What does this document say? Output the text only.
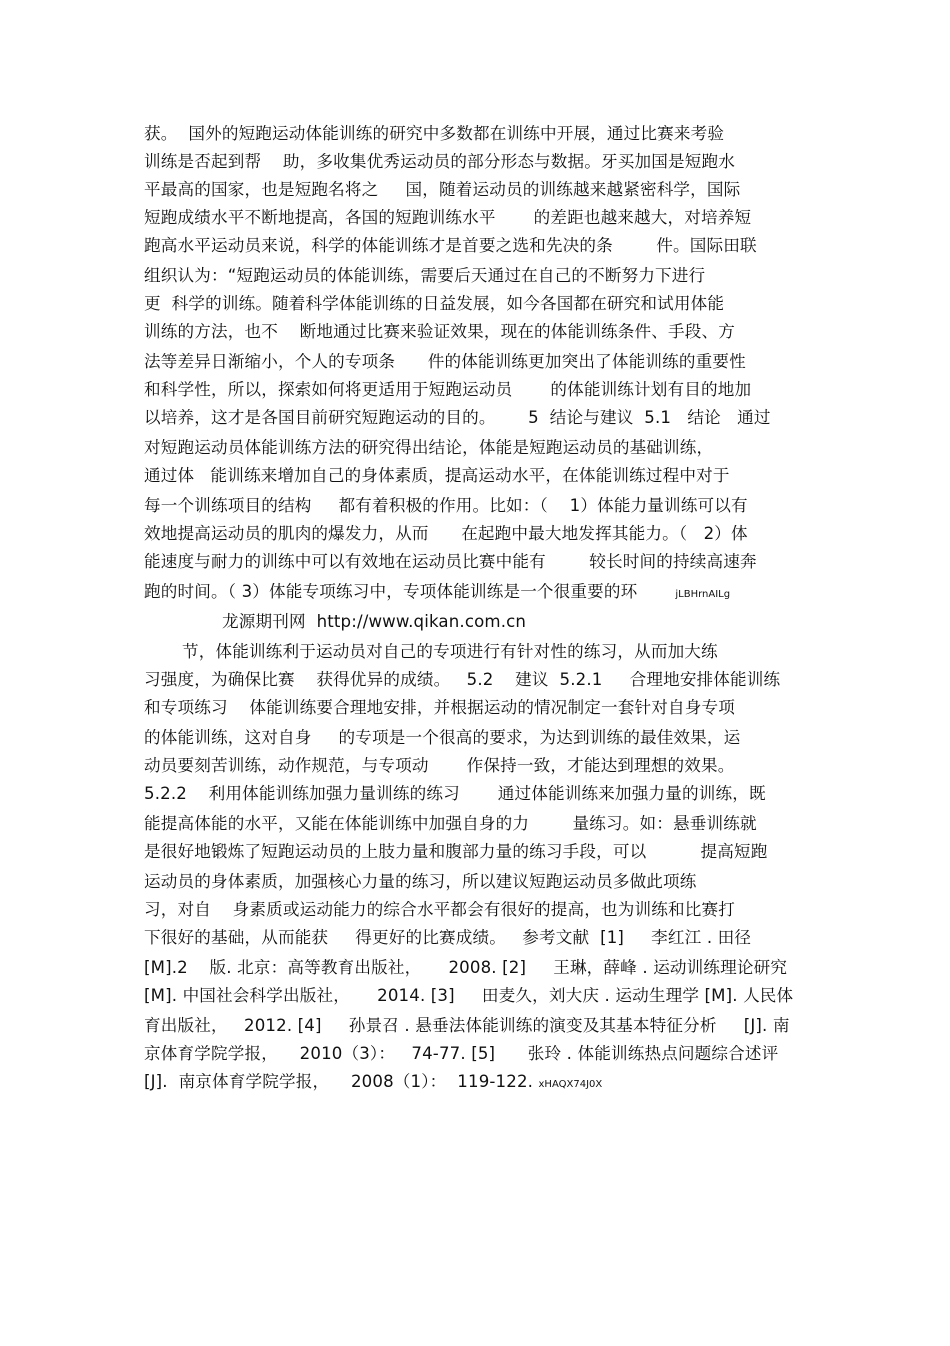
获。  国外的短跑运动体能训练的研究中多数都在训练中开展，通过比赛来考验
训练是否起到帮    助，多收集优秀运动员的部分形态与数据。牙买加国是短跑水
平最高的国家，也是短跑名将之     国，随着运动员的训练越来越紧密科学，国际
短跑成绩水平不断地提高，各国的短跑训练水平       的差距也越来越大，对培养短
跑高水平运动员来说，科学的体能训练才是首要之选和先决的条        件。国际田联
组织认为：“短跑运动员的体能训练，需要后天通过在自己的不断努力下进行
更  科学的训练。随着科学体能训练的日益发展，如今各国都在研究和试用体能
训练的方法，也不    断地通过比赛来验证效果，现在的体能训练条件、手段、方
法等差异日渐缩小，个人的专项条      件的体能训练更加突出了体能训练的重要性
和科学性，所以，探索如何将更适用于短跑运动员       的体能训练计划有目的地加
以培养，这才是各国目前研究短跑运动的目的。      5  结论与建议  5.1   结论   通过
对短跑运动员体能训练方法的研究得出结论，体能是短跑运动员的基础训练，
通过体   能训练来增加自己的身体素质，提高运动水平，在体能训练过程中对于
每一个训练项目的结构     都有着积极的作用。比如：（    1）体能力量训练可以有
效地提高运动员的肌肉的爆发力，从而      在起跑中最大地发挥其能力。（   2）体
能速度与耐力的训练中可以有效地在运动员比赛中能有        较长时间的持续高速奔
跑的时间。（ 3）体能专项练习中，专项体能训练是一个很重要的环       jLBHrnAILg
龙源期刊网  http://www.qikan.com.cn
节，体能训练利于运动员对自己的专项进行有针对性的练习，从而加大练
习强度，为确保比赛    获得优异的成绩。   5.2    建议  5.2.1     合理地安排体能训练
和专项练习    体能训练要合理地安排，并根据运动的情况制定一套针对自身专项
的体能训练，这对自身     的专项是一个很高的要求，为达到训练的最佳效果，运
动员要刻苦训练，动作规范，与专项动       作保持一致，才能达到理想的效果。
5.2.2    利用体能训练加强力量训练的练习       通过体能训练来加强力量的训练，既
能提高体能的水平，又能在体能训练中加强自身的力        量练习。如：悬垂训练就
是很好地锻炼了短跑运动员的上肢力量和腹部力量的练习手段，可以          提高短跑
运动员的身体素质，加强核心力量的练习，所以建议短跑运动员多做此项练
习，对自    身素质或运动能力的综合水平都会有很好的提高，也为训练和比赛打
下很好的基础，从而能获     得更好的比赛成绩。   参考文献  [1]     李红江 . 田径
[M].2    版. 北京：高等教育出版社，     2008. [2]     王琳，薛峰 . 运动训练理论研究
[M]. 中国社会科学出版社，     2014. [3]     田麦久，刘大庆 . 运动生理学 [M]. 人民体
育出版社，   2012. [4]     孙景召 . 悬垂法体能训练的演变及其基本特征分析     [J]. 南
京体育学院学报，    2010（3）：   74-77. [5]      张玲 . 体能训练热点问题综合述评
[J].  南京体育学院学报，    2008（1）：  119-122. xHAQX74J0X
